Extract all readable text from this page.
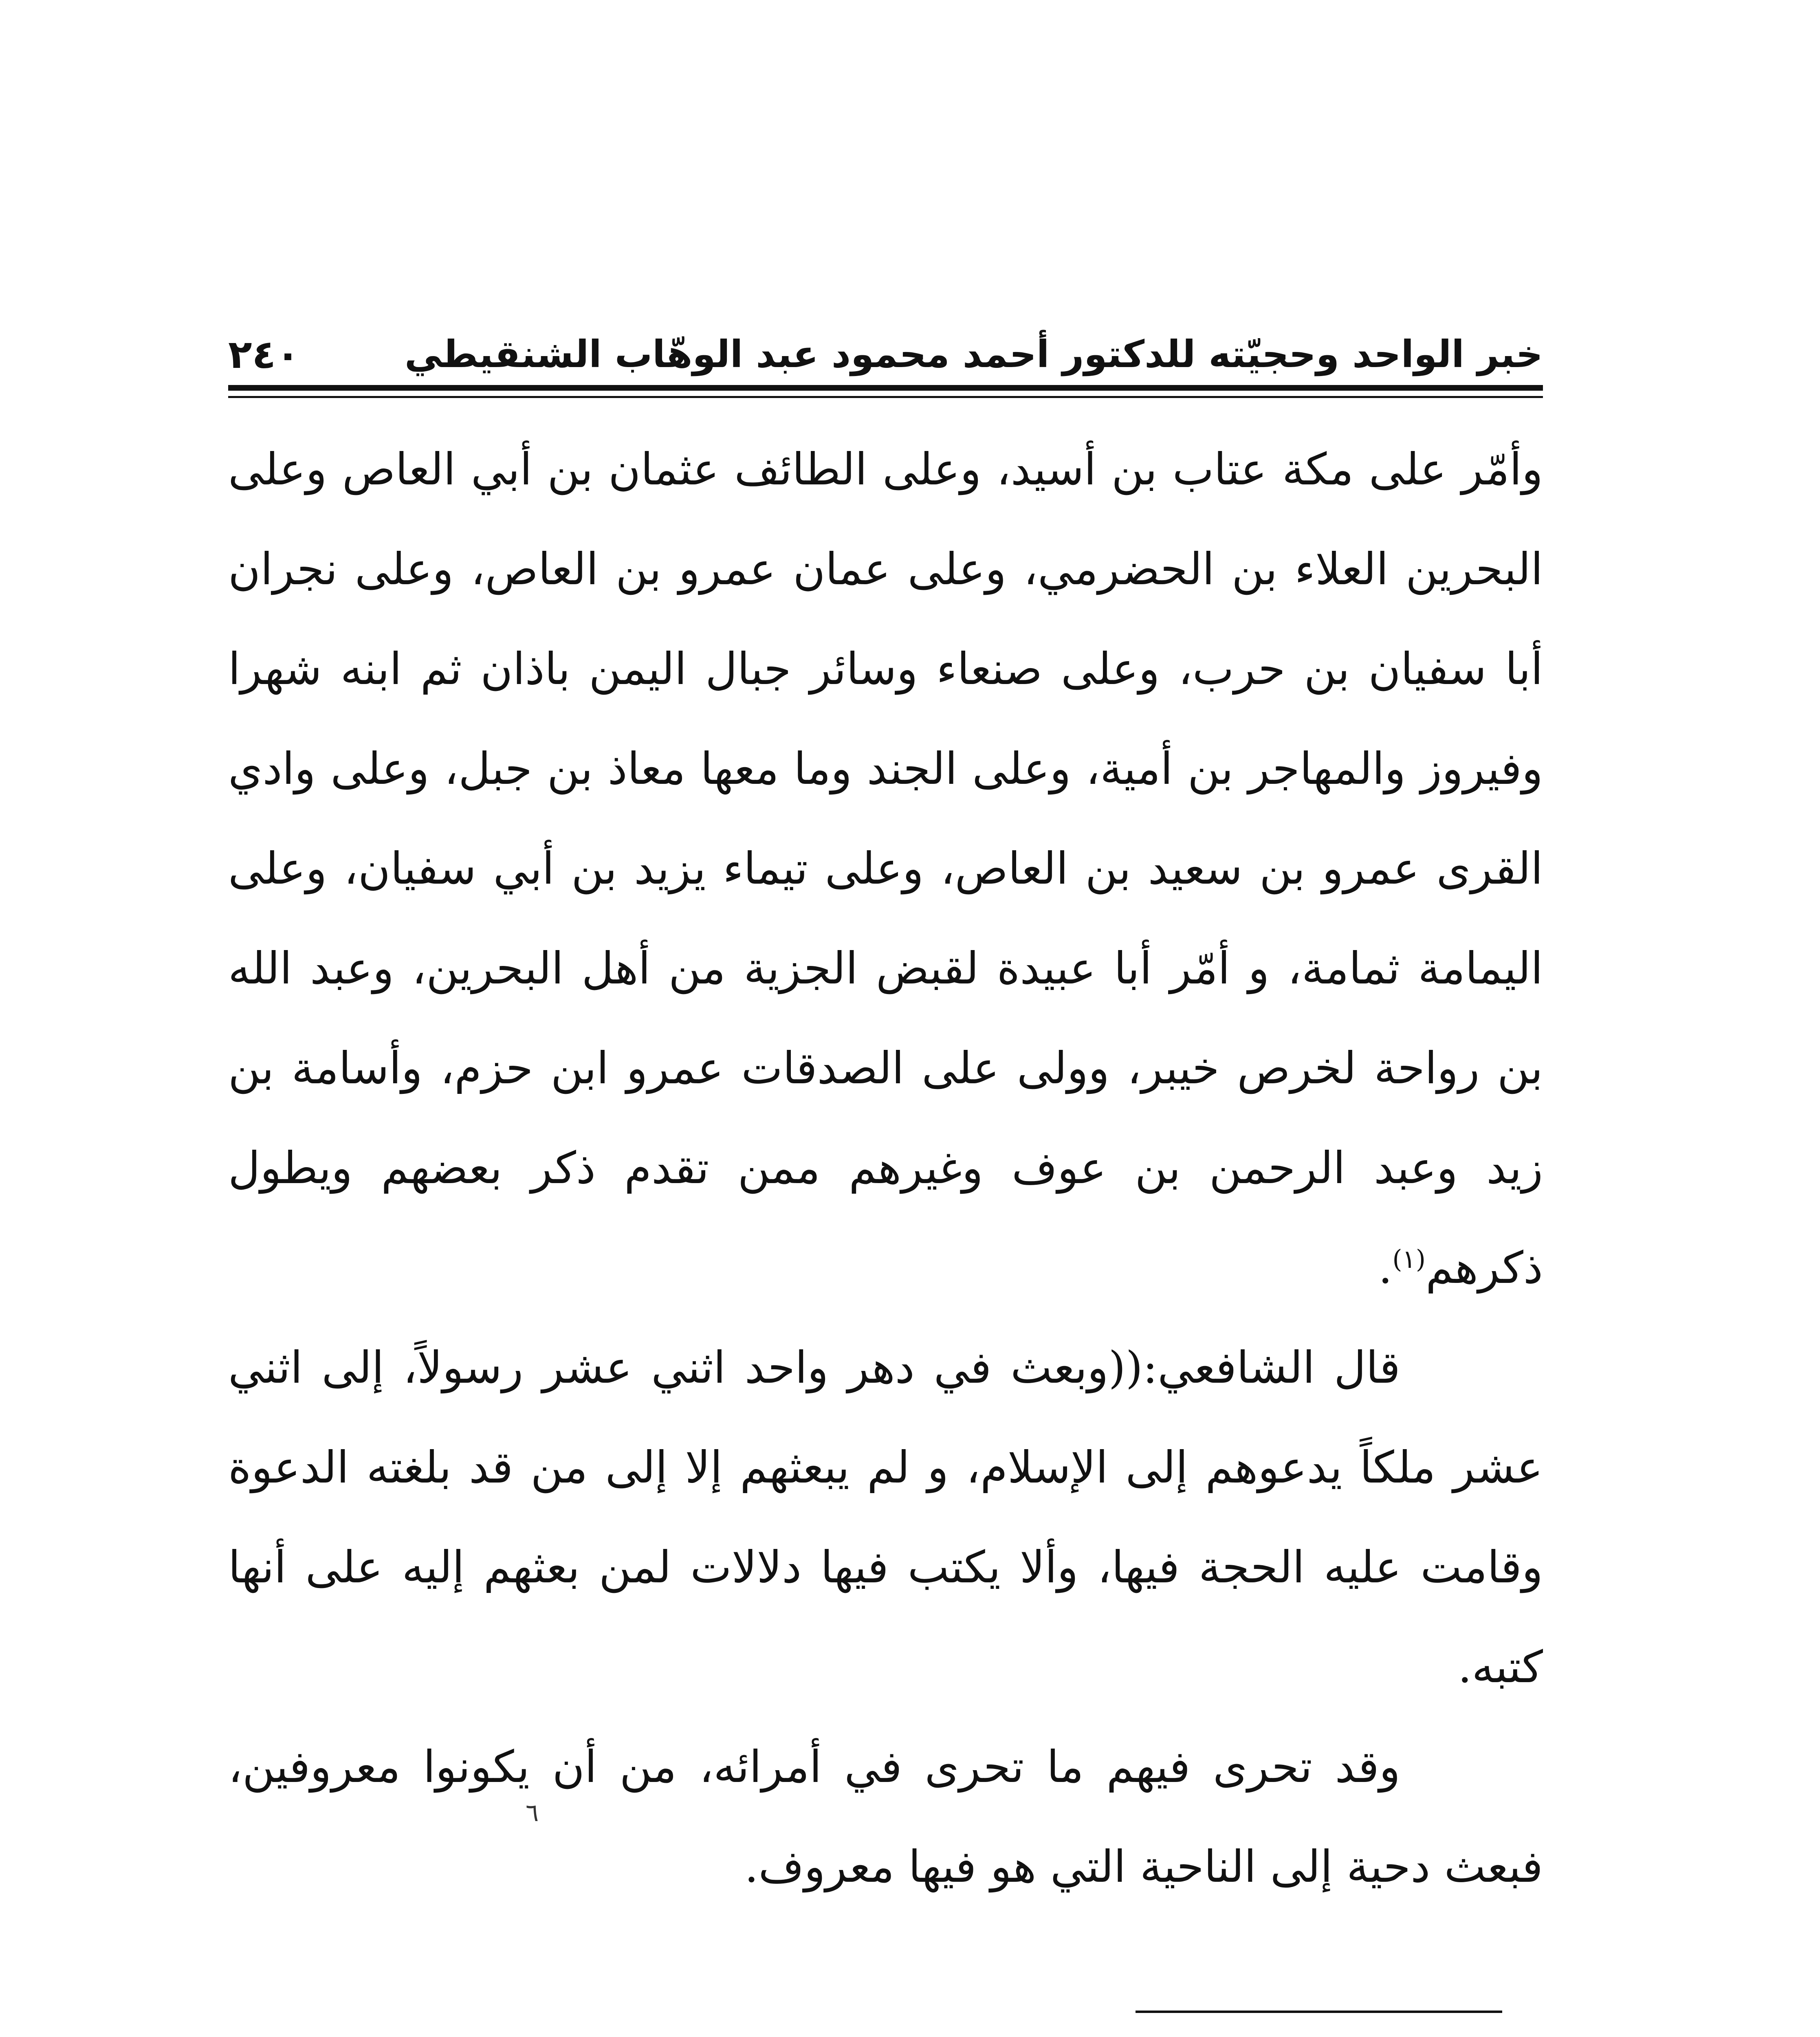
خبر الواحد وحجيّته للدكتور أحمد محمود عبد الوهّاب الشنقيطي
٢٤٠

وأمّر على مكة عتاب بن أسيد، وعلى الطائف عثمان بن أبي العاص وعلى البحرين العلاء بن الحضرمي، وعلى عمان عمرو بن العاص، وعلى نجران أبا سفيان بن حرب، وعلى صنعاء وسائر جبال اليمن باذان ثم ابنه شهرا وفيروز والمهاجر بن أمية، وعلى الجند وما معها معاذ بن جبل، وعلى وادي القرى عمرو بن سعيد بن العاص، وعلى تيماء يزيد بن أبي سفيان، وعلى اليمامة ثمامة، و أمّر أبا عبيدة لقبض الجزية من أهل البحرين، وعبد الله بن رواحة لخرص خيبر، وولى على الصدقات عمرو ابن حزم، وأسامة بن زيد وعبد الرحمن بن عوف وغيرهم ممن تقدم ذكر بعضهم ويطول ذكرهم$^{(١)}$.

قال الشافعي:((وبعث في دهر واحد اثني عشر رسولاً، إلى اثني عشر ملكاً يدعوهم إلى الإسلام، و لم يبعثهم إلا إلى من قد بلغته الدعوة وقامت عليه الحجة فيها، وألا يكتب فيها دلالات لمن بعثهم إليه على أنها كتبه.

وقد تحرى فيهم ما تحرى في أمرائه، من أن يكونوا معروفين، فبعث دحية إلى الناحية التي هو فيها معروف.

٦
